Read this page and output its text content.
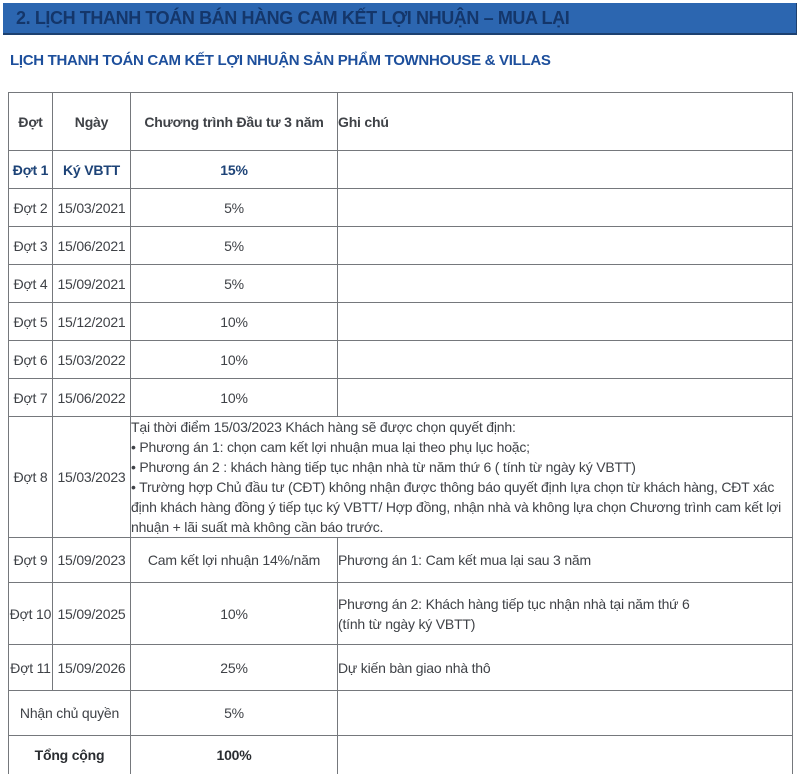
2. LỊCH THANH TOÁN BÁN HÀNG CAM KẾT LỢI NHUẬN – MUA LẠI
LỊCH THANH TOÁN CAM KẾT LỢI NHUẬN SẢN PHẨM TOWNHOUSE & VILLAS
Đợt	Ngày	Chương trình Đầu tư 3 năm	Ghi chú
Đợt 1	Ký VBTT	15%	
Đợt 2	15/03/2021	5%	
Đợt 3	15/06/2021	5%	
Đợt 4	15/09/2021	5%	
Đợt 5	15/12/2021	10%	
Đợt 6	15/03/2022	10%	
Đợt 7	15/06/2022	10%	
Đợt 8	15/03/2023	Tại thời điểm 15/03/2023 Khách hàng sẽ được chọn quyết định:
• Phương án 1: chọn cam kết lợi nhuận mua lại theo phụ lục hoặc;
• Phương án 2 : khách hàng tiếp tục nhận nhà từ năm thứ 6 ( tính từ ngày ký VBTT)
• Trường hợp Chủ đầu tư (CĐT) không nhận được thông báo quyết định lựa chọn từ khách hàng, CĐT xác định khách hàng đồng ý tiếp tục ký VBTT/ Hợp đồng, nhận nhà và không lựa chọn Chương trình cam kết lợi nhuận + lãi suất mà không cần báo trước.	

Đợt 9	15/09/2023	Cam kết lợi nhuận 14%/năm	Phương án 1: Cam kết mua lại sau 3 năm
Đợt 10	15/09/2025	10%	Phương án 2: Khách hàng tiếp tục nhận nhà tại năm thứ 6
(tính từ ngày ký VBTT)

Đợt 11	15/09/2026	25%	Dự kiến bàn giao nhà thô
Nhận chủ quyền		5%	
Tổng cộng		100%	
